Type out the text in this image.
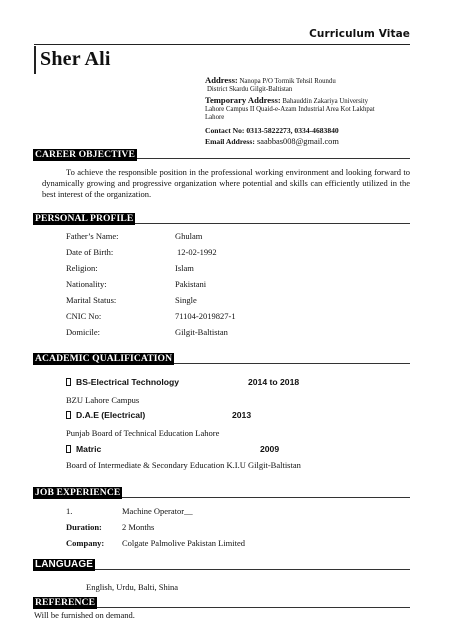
Curriculum Vitae
Sher Ali
Address: Nanopa P/O Tormik Tehsil Roundu
District Skardu Gilgit-Baltistan
Temporary Address: Bahauddin Zakariya University
Lahore Campus II Quaid-e-Azam Industrial Area Kot Lakhpat
Lahore
Contact No: 0313-5822273, 0334-4683840
Email Address: saabbas008@gmail.com
CAREER OBJECTIVE
To achieve the responsible position in the professional working environment and looking forward to dynamically growing and progressive organization where potential and skills can efficiently utilized in the best interest of the organization.
PERSONAL PROFILE
Father’s Name:	Ghulam
Date of Birth:	12-02-1992
Religion:	Islam
Nationality:	Pakistani
Marital Status:	Single
CNIC No:	71104-2019827-1
Domicile:	Gilgit-Baltistan
ACADEMIC QUALIFICATION
BS-Electrical Technology	2014 to 2018
BZU Lahore Campus
D.A.E (Electrical)	2013
Punjab Board of Technical Education Lahore
Matric	2009
Board of Intermediate & Secondary Education K.I.U Gilgit-Baltistan
JOB EXPERIENCE
1.	Machine Operator__
Duration: 2 Months
Company: Colgate Palmolive Pakistan Limited
LANGUAGE
English, Urdu, Balti, Shina
REFERENCE
Will be furnished on demand.
